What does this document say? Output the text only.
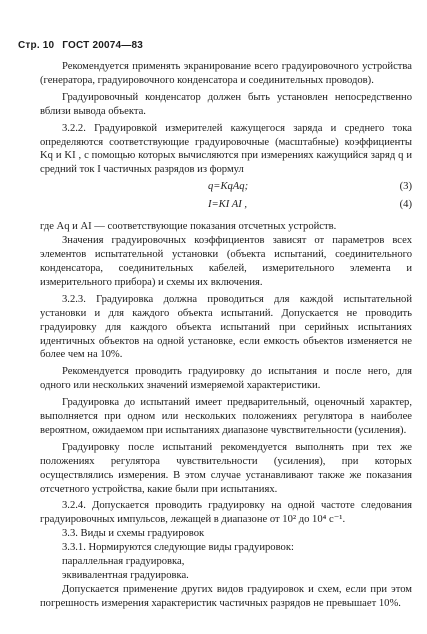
Стр. 10 ГОСТ 20074—83

Рекомендуется применять экранирование всего градуировочного устройства (генератора, градуировочного конденсатора и соединительных проводов).

Градуировочный конденсатор должен быть установлен непосредственно вблизи вывода объекта.

3.2.2. Градуировкой измерителей кажущегося заряда и среднего тока определяются соответствующие градуировочные (масштабные) коэффициенты Kq и KI , с помощью которых вычисляются при измерениях кажущийся заряд q и средний ток I частичных разрядов из формул

q=KqAq;	(3)
I=KI AI ,	(4)

где Aq и AI — соответствующие показания отсчетных устройств.

Значения градуировочных коэффициентов зависят от параметров всех элементов испытательной установки (объекта испытаний, соединительного конденсатора, соединительных кабелей, измерительного элемента и измерительного прибора) и схемы их включения.

3.2.3. Градуировка должна проводиться для каждой испытательной установки и для каждого объекта испытаний. Допускается не проводить градуировку для каждого объекта испытаний при серийных испытаниях идентичных объектов на одной установке, если емкость объектов изменяется не более чем на 10%.

Рекомендуется проводить градуировку до испытания и после него, для одного или нескольких значений измеряемой характеристики.

Градуировка до испытаний имеет предварительный, оценочный характер, выполняется при одном или нескольких положениях регулятора в наиболее вероятном, ожидаемом при испытаниях диапазоне чувствительности (усиления).

Градуировку после испытаний рекомендуется выполнять при тех же положениях регулятора чувствительности (усиления), при которых осуществлялись измерения. В этом случае устанавливают также же показания отсчетного устройства, какие были при испытаниях.

3.2.4. Допускается проводить градуировку на одной частоте следования градуировочных импульсов, лежащей в диапазоне от 10² до 10⁴ с⁻¹.

3.3. Виды и схемы градуировок

3.3.1. Нормируются следующие виды градуировок:

параллельная градуировка,

эквивалентная градуировка.

Допускается применение других видов градуировок и схем, если при этом погрешность измерения характеристик частичных разрядов не превышает 10%.
